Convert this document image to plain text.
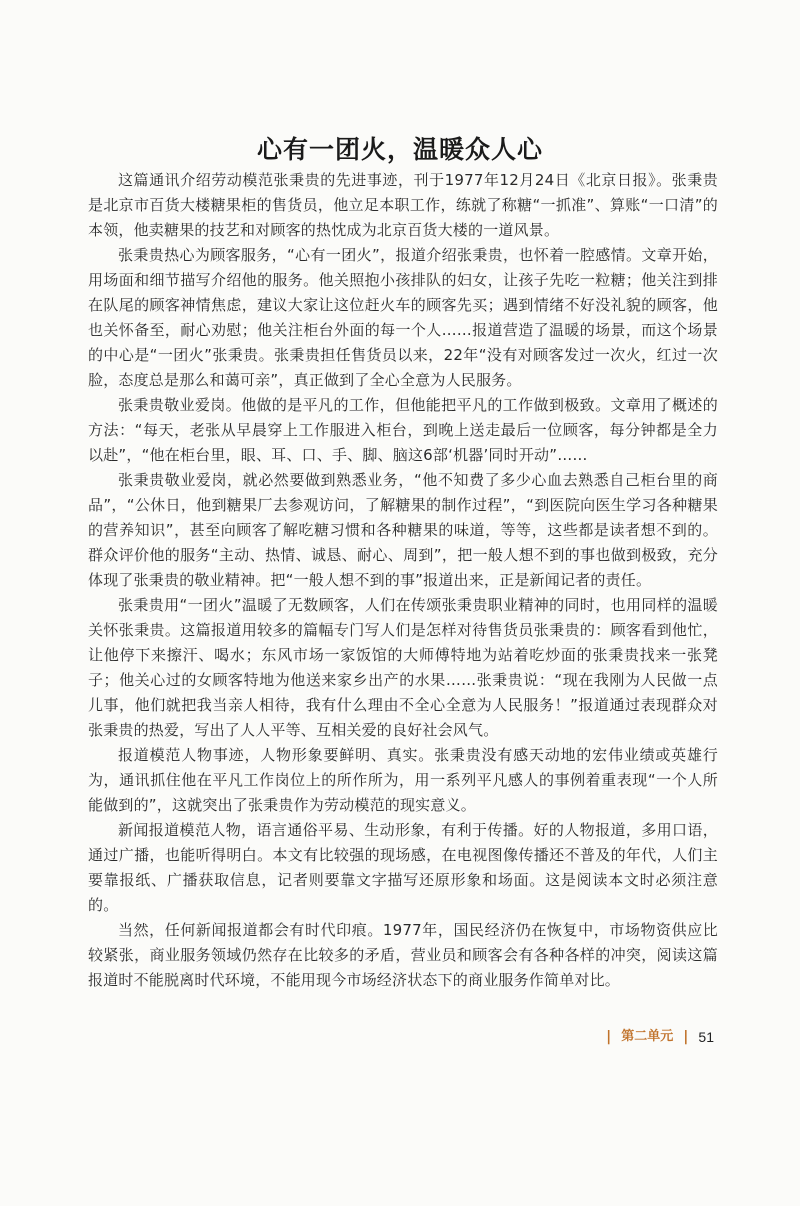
心有一团火，温暖众人心

这篇通讯介绍劳动模范张秉贵的先进事迹，刊于1977年12月24日《北京日报》。张秉贵是北京市百货大楼糖果柜的售货员，他立足本职工作，练就了称糖“一抓准”、算账“一口清”的本领，他卖糖果的技艺和对顾客的热忱成为北京百货大楼的一道风景。

张秉贵热心为顾客服务，“心有一团火”，报道介绍张秉贵，也怀着一腔感情。文章开始，用场面和细节描写介绍他的服务。他关照抱小孩排队的妇女，让孩子先吃一粒糖；他关注到排在队尾的顾客神情焦虑，建议大家让这位赶火车的顾客先买；遇到情绪不好没礼貌的顾客，他也关怀备至，耐心劝慰；他关注柜台外面的每一个人……报道营造了温暖的场景，而这个场景的中心是“一团火”张秉贵。张秉贵担任售货员以来，22年“没有对顾客发过一次火，红过一次脸，态度总是那么和蔼可亲”，真正做到了全心全意为人民服务。

张秉贵敬业爱岗。他做的是平凡的工作，但他能把平凡的工作做到极致。文章用了概述的方法：“每天，老张从早晨穿上工作服进入柜台，到晚上送走最后一位顾客，每分钟都是全力以赴”，“他在柜台里，眼、耳、口、手、脚、脑这6部‘机器’同时开动”……

张秉贵敬业爱岗，就必然要做到熟悉业务，“他不知费了多少心血去熟悉自己柜台里的商品”，“公休日，他到糖果厂去参观访问，了解糖果的制作过程”，“到医院向医生学习各种糖果的营养知识”，甚至向顾客了解吃糖习惯和各种糖果的味道，等等，这些都是读者想不到的。群众评价他的服务“主动、热情、诚恳、耐心、周到”，把一般人想不到的事也做到极致，充分体现了张秉贵的敬业精神。把“一般人想不到的事”报道出来，正是新闻记者的责任。

张秉贵用“一团火”温暖了无数顾客，人们在传颂张秉贵职业精神的同时，也用同样的温暖关怀张秉贵。这篇报道用较多的篇幅专门写人们是怎样对待售货员张秉贵的：顾客看到他忙，让他停下来擦汗、喝水；东风市场一家饭馆的大师傅特地为站着吃炒面的张秉贵找来一张凳子；他关心过的女顾客特地为他送来家乡出产的水果……张秉贵说：“现在我刚为人民做一点儿事，他们就把我当亲人相待，我有什么理由不全心全意为人民服务！”报道通过表现群众对张秉贵的热爱，写出了人人平等、互相关爱的良好社会风气。

报道模范人物事迹，人物形象要鲜明、真实。张秉贵没有感天动地的宏伟业绩或英雄行为，通讯抓住他在平凡工作岗位上的所作所为，用一系列平凡感人的事例着重表现“一个人所能做到的”，这就突出了张秉贵作为劳动模范的现实意义。

新闻报道模范人物，语言通俗平易、生动形象，有利于传播。好的人物报道，多用口语，通过广播，也能听得明白。本文有比较强的现场感，在电视图像传播还不普及的年代，人们主要靠报纸、广播获取信息，记者则要靠文字描写还原形象和场面。这是阅读本文时必须注意的。

当然，任何新闻报道都会有时代印痕。1977年，国民经济仍在恢复中，市场物资供应比较紧张，商业服务领域仍然存在比较多的矛盾，营业员和顾客会有各种各样的冲突，阅读这篇报道时不能脱离时代环境，不能用现今市场经济状态下的商业服务作简单对比。

| 第二单元 | 51
